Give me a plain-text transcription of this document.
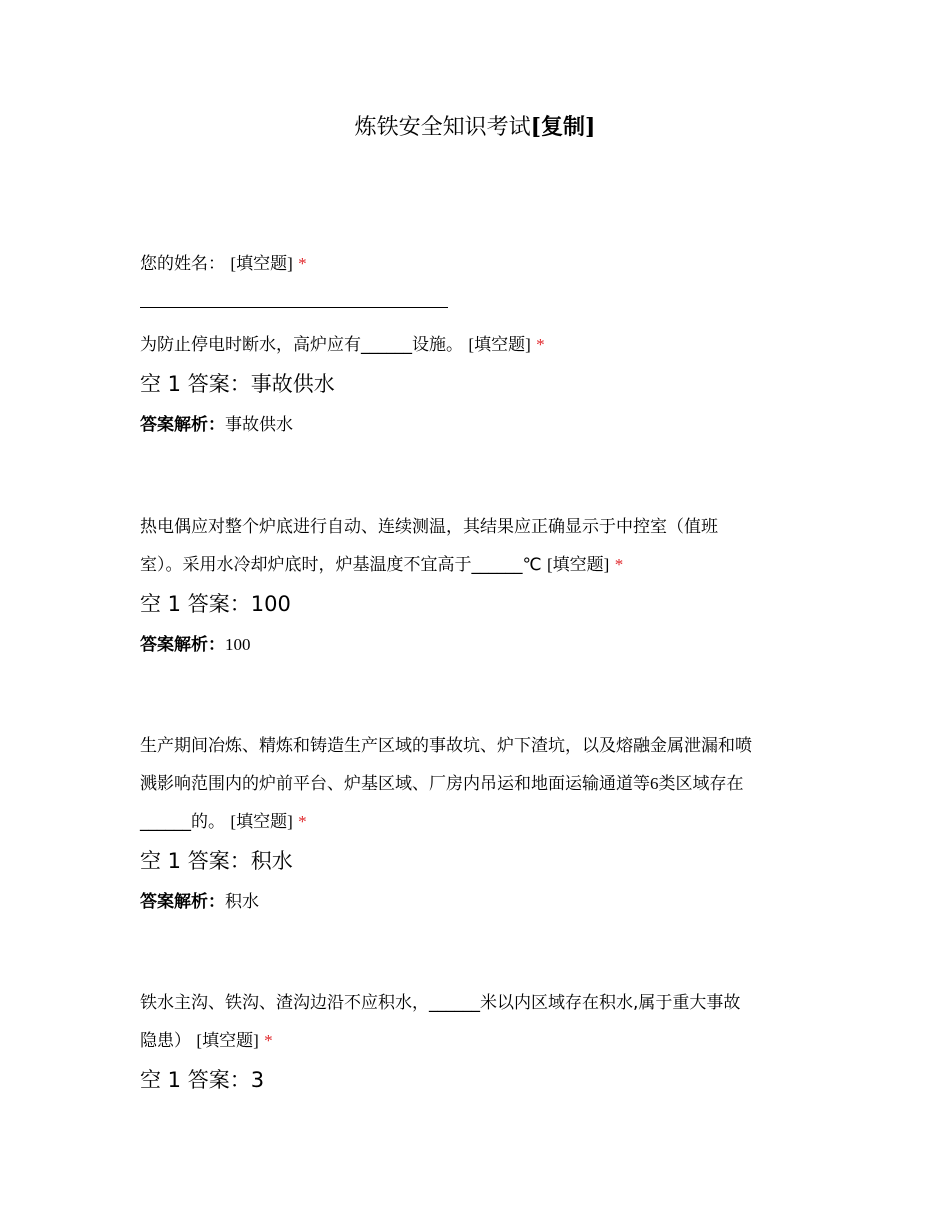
炼铁安全知识考试[复制]

您的姓名： [填空题] *

为防止停电时断水，高炉应有______设施。 [填空题] *

空 1 答案：事故供水

答案解析：事故供水

热电偶应对整个炉底进行自动、连续测温，其结果应正确显示于中控室（值班
室）。采用水冷却炉底时，炉基温度不宜高于______℃ [填空题] *

空 1 答案：100

答案解析：100

生产期间冶炼、精炼和铸造生产区域的事故坑、炉下渣坑，以及熔融金属泄漏和喷
溅影响范围内的炉前平台、炉基区域、厂房内吊运和地面运输通道等6类区域存在
______的。 [填空题] *

空 1 答案：积水

答案解析：积水

铁水主沟、铁沟、渣沟边沿不应积水，______米以内区域存在积水,属于重大事故
隐患） [填空题] *

空 1 答案：3
